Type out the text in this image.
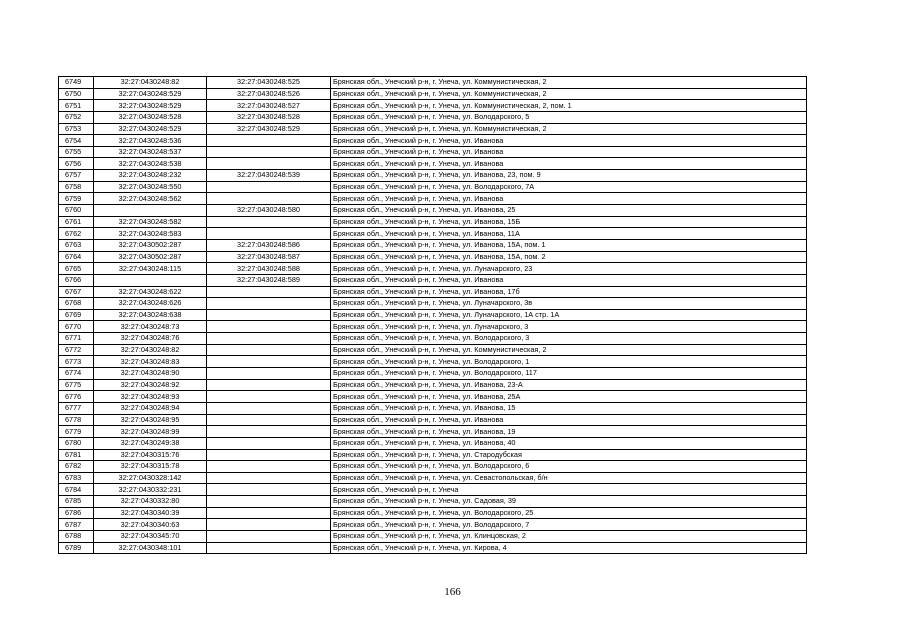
6749	32:27:0430248:82	32:27:0430248:525	Брянская обл., Унечский р-н, г. Унеча, ул. Коммунистическая, 2
6750	32:27:0430248:529	32:27:0430248:526	Брянская обл., Унечский р-н, г. Унеча, ул. Коммунистическая, 2
6751	32:27:0430248:529	32:27:0430248:527	Брянская обл., Унечский р-н, г. Унеча, ул. Коммунистическая, 2, пом. 1
6752	32:27:0430248:528	32:27:0430248:528	Брянская обл., Унечский р-н, г. Унеча, ул. Володарского, 5
6753	32:27:0430248:529	32:27:0430248:529	Брянская обл., Унечский р-н, г. Унеча, ул. Коммунистическая, 2
6754	32:27:0430248:536		Брянская обл., Унечский р-н, г. Унеча, ул. Иванова
6755	32:27:0430248:537		Брянская обл., Унечский р-н, г. Унеча, ул. Иванова
6756	32:27:0430248:538		Брянская обл., Унечский р-н, г. Унеча, ул. Иванова
6757	32:27:0430248:232	32:27:0430248:539	Брянская обл., Унечский р-н, г. Унеча, ул. Иванова, 23, пом. 9
6758	32:27:0430248:550		Брянская обл., Унечский р-н, г. Унеча, ул. Володарского, 7А
6759	32:27:0430248:562		Брянская обл., Унечский р-н, г. Унеча, ул. Иванова
6760		32:27:0430248:580	Брянская обл., Унечский р-н, г. Унеча, ул. Иванова, 25
6761	32:27:0430248:582		Брянская обл., Унечский р-н, г. Унеча, ул. Иванова, 15Б
6762	32:27:0430248:583		Брянская обл., Унечский р-н, г. Унеча, ул. Иванова, 11А
6763	32:27:0430502:287	32:27:0430248:586	Брянская обл., Унечский р-н, г. Унеча, ул. Иванова, 15А, пом. 1
6764	32:27:0430502:287	32:27:0430248:587	Брянская обл., Унечский р-н, г. Унеча, ул. Иванова, 15А, пом. 2
6765	32:27:0430248:115	32:27:0430248:588	Брянская обл., Унечский р-н, г. Унеча, ул. Луначарского, 23
6766		32:27:0430248:589	Брянская обл., Унечский р-н, г. Унеча, ул. Иванова
6767	32:27:0430248:622		Брянская обл., Унечский р-н, г. Унеча, ул. Иванова, 17б
6768	32:27:0430248:626		Брянская обл., Унечский р-н, г. Унеча, ул. Луначарского, 3в
6769	32:27:0430248:638		Брянская обл., Унечский р-н, г. Унеча, ул. Луначарского, 1А стр. 1А
6770	32:27:0430248:73		Брянская обл., Унечский р-н, г. Унеча, ул. Луначарского, 3
6771	32:27:0430248:76		Брянская обл., Унечский р-н, г. Унеча, ул. Володарского, 3
6772	32:27:0430248:82		Брянская обл., Унечский р-н, г. Унеча, ул. Коммунистическая, 2
6773	32:27:0430248:83		Брянская обл., Унечский р-н, г. Унеча, ул. Володарского, 1
6774	32:27:0430248:90		Брянская обл., Унечский р-н, г. Унеча, ул. Володарского, 117
6775	32:27:0430248:92		Брянская обл., Унечский р-н, г. Унеча, ул. Иванова, 23-А
6776	32:27:0430248:93		Брянская обл., Унечский р-н, г. Унеча, ул. Иванова, 25А
6777	32:27:0430248:94		Брянская обл., Унечский р-н, г. Унеча, ул. Иванова, 15
6778	32:27:0430248:95		Брянская обл., Унечский р-н, г. Унеча, ул. Иванова
6779	32:27:0430248:99		Брянская обл., Унечский р-н, г. Унеча, ул. Иванова, 19
6780	32:27:0430249:38		Брянская обл., Унечский р-н, г. Унеча, ул. Иванова, 40
6781	32:27:0430315:76		Брянская обл., Унечский р-н, г. Унеча, ул. Стародубская
6782	32:27:0430315:78		Брянская обл., Унечский р-н, г. Унеча, ул. Володарского, 6
6783	32:27:0430328:142		Брянская обл., Унечский р-н, г. Унеча, ул. Севастопольская, б/н
6784	32:27:0430332:231		Брянская обл., Унечский р-н, г. Унеча
6785	32:27:0430332:80		Брянская обл., Унечский р-н, г. Унеча, ул. Садовая, 39
6786	32:27:0430340:39		Брянская обл., Унечский р-н, г. Унеча, ул. Володарского, 25
6787	32:27:0430340:63		Брянская обл., Унечский р-н, г. Унеча, ул. Володарского, 7
6788	32:27:0430345:70		Брянская обл., Унечский р-н, г. Унеча, ул. Клинцовская, 2
6789	32:27:0430348:101		Брянская обл., Унечский р-н, г. Унеча, ул. Кирова, 4
166
